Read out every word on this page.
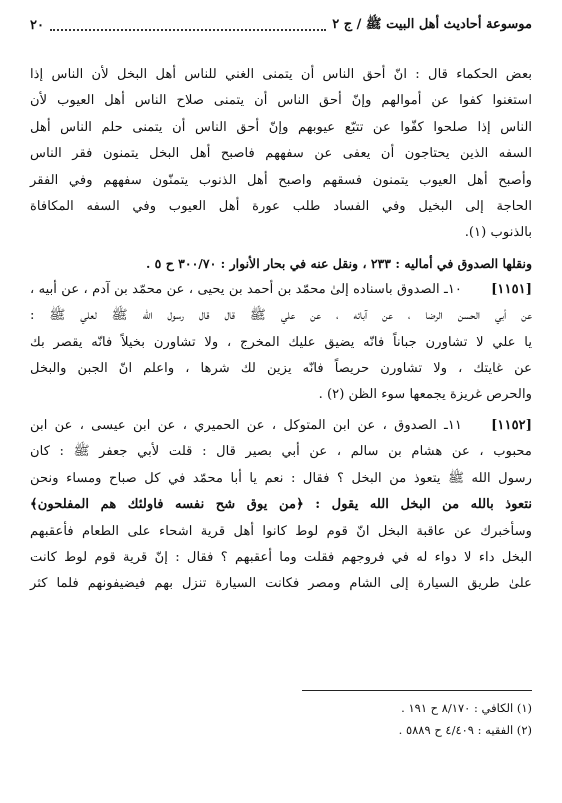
موسوعة أحاديث أهل البيت ﷺ / ج ٢
٢٠

بعض الحكماء قال : انّ أحق الناس أن يتمنى الغني للناس أهل البخل لأن الناس إذا
استغنوا كفوا عن أموالهم وإنّ أحق الناس أن يتمنى صلاح الناس أهل العيوب لأن
الناس إذا صلحوا كفّوا عن تتبّع عيوبهم وإنّ أحق الناس أن يتمنى حلم الناس أهل
السفه الذين يحتاجون أن يعفى عن سفههم فاصبح أهل البخل يتمنون فقر الناس
وأصبح أهل العيوب يتمنون فسقهم واصبح أهل الذنوب يتمنّون سفههم وفي الفقر
الحاجة إلى البخيل وفي الفساد طلب عورة أهل العيوب وفي السفه المكافاة
بالذنوب (١).

ونقلها الصدوق في أماليه : ٢٣٣ ، ونقل عنه في بحار الأنوار : ٣٠٠/٧٠ ح ٥ .

[١١٥١]١٠ـ الصدوق باسناده إلىٰ محمّد بن أحمد بن يحيى ، عن محمّد بن آدم ، عن أبيه ،
عن أبي الحسن الرضا ، عن آبائه ، عن علي ﷺ قال قال رسول الله ﷺ لعلي ﷺ :
يا علي لا تشاورن جباناً فانّه يضيق عليك المخرج ، ولا تشاورن بخيلاً فانّه يقصر بك
عن غايتك ، ولا تشاورن حريصاً فانّه يزين لك شرها ، واعلم انّ الجبن والبخل
والحرص غريزة يجمعها سوء الظن (٢) .

[١١٥٢]١١ـ الصدوق ، عن ابن المتوكل ، عن الحميري ، عن ابن عيسى ، عن ابن
محبوب ، عن هشام بن سالم ، عن أبي بصير قال : قلت لأبي جعفر ﷺ : كان
رسول الله ﷺ يتعوذ من البخل ؟ فقال : نعم يا أبا محمّد في كل صباح ومساء ونحن
نتعوذ بالله من البخل الله يقول : ﴿من يوق شح نفسه فاولئك هم المفلحون﴾
وسأخبرك عن عاقبة البخل انّ قوم لوط كانوا أهل قرية اشحاء على الطعام فأعقبهم
البخل داء لا دواء له في فروجهم فقلت وما أعقبهم ؟ فقال : إنّ قرية قوم لوط كانت
علىٰ طريق السيارة إلى الشام ومصر فكانت السيارة تنزل بهم فيضيفونهم فلما كثر

(١) الكافي : ٨/١٧٠ ح ١٩١ .

(٢) الفقيه : ٤/٤٠٩ ح ٥٨٨٩ .
